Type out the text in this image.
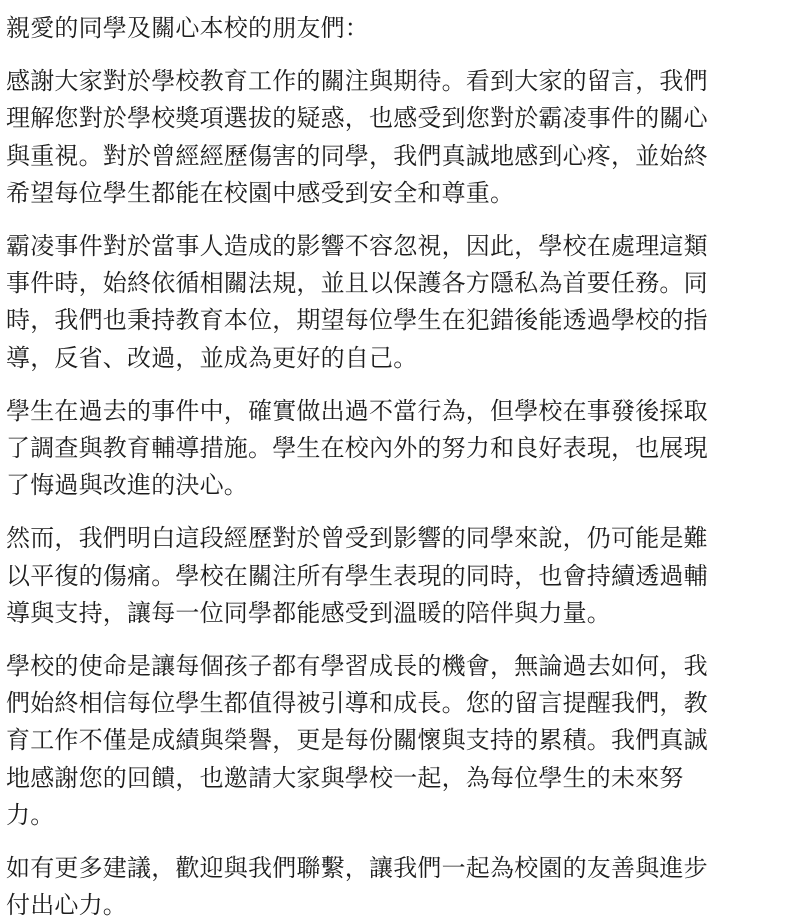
親愛的同學及關心本校的朋友們：
感謝大家對於學校教育工作的關注與期待。看到大家的留言，我們
理解您對於學校獎項選拔的疑惑，也感受到您對於霸凌事件的關心
與重視。對於曾經經歷傷害的同學，我們真誠地感到心疼，並始終
希望每位學生都能在校園中感受到安全和尊重。
霸凌事件對於當事人造成的影響不容忽視，因此，學校在處理這類
事件時，始終依循相關法規，並且以保護各方隱私為首要任務。同
時，我們也秉持教育本位，期望每位學生在犯錯後能透過學校的指
導，反省、改過，並成為更好的自己。
學生在過去的事件中，確實做出過不當行為，但學校在事發後採取
了調查與教育輔導措施。學生在校內外的努力和良好表現，也展現
了悔過與改進的決心。
然而，我們明白這段經歷對於曾受到影響的同學來說，仍可能是難
以平復的傷痛。學校在關注所有學生表現的同時，也會持續透過輔
導與支持，讓每一位同學都能感受到溫暖的陪伴與力量。
學校的使命是讓每個孩子都有學習成長的機會，無論過去如何，我
們始終相信每位學生都值得被引導和成長。您的留言提醒我們，教
育工作不僅是成績與榮譽，更是每份關懷與支持的累積。我們真誠
地感謝您的回饋，也邀請大家與學校一起，為每位學生的未來努
力。
如有更多建議，歡迎與我們聯繫，讓我們一起為校園的友善與進步
付出心力。
